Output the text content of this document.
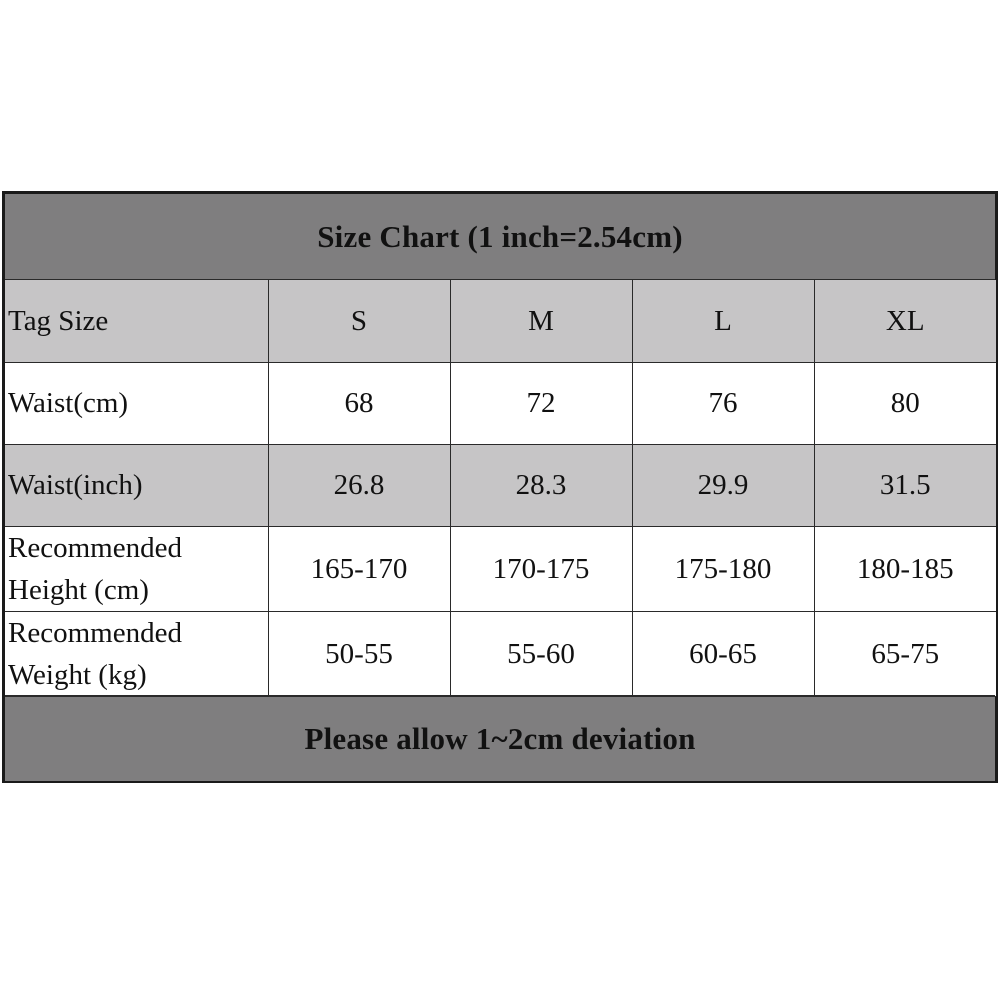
Size Chart (1 inch=2.54cm)
Tag Size	S	M	L	XL

Waist(cm)	68	72	76	80

Waist(inch)	26.8	28.3	29.9	31.5

Recommended
Height (cm)	165-170	170-175	175-180	180-185

Recommended
Weight (kg)	50-55	55-60	60-65	65-75
Please allow 1~2cm deviation
